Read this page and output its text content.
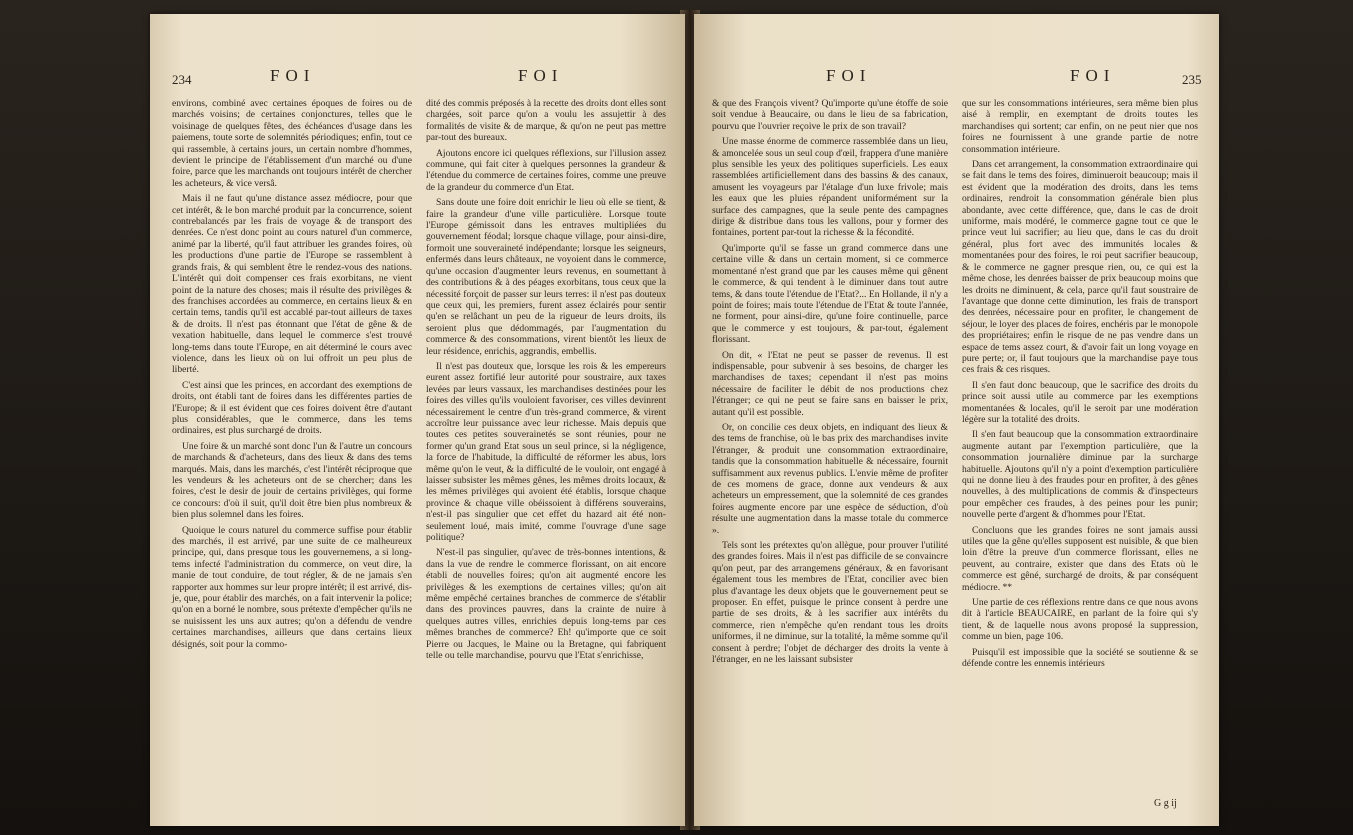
234	FOI	FOI

environs, combiné avec certaines époques de foires ou de marchés voisins; de certaines conjonctures, telles que le voisinage de quelques fêtes, des échéances d'usage dans les paiemens, toute sorte de solemnités périodiques; enfin, tout ce qui rassemble, à certains jours, un certain nombre d'hommes, devient le principe de l'établissement d'un marché ou d'une foire, parce que les marchands ont toujours intérêt de chercher les acheteurs, & vice versâ.

Mais il ne faut qu'une distance assez médiocre, pour que cet intérêt, & le bon marché produit par la concurrence, soient contrebalancés par les frais de voyage & de transport des denrées. Ce n'est donc point au cours naturel d'un commerce, animé par la liberté, qu'il faut attribuer les grandes foires, où les productions d'une partie de l'Europe se rassemblent à grands frais, & qui semblent être le rendez-vous des nations. L'intérêt qui doit compenser ces frais exorbitans, ne vient point de la nature des choses; mais il résulte des privilèges & des franchises accordées au commerce, en certains lieux & en certain tems, tandis qu'il est accablé par-tout ailleurs de taxes & de droits. Il n'est pas étonnant que l'état de gêne & de vexation habituelle, dans lequel le commerce s'est trouvé long-tems dans toute l'Europe, en ait déterminé le cours avec violence, dans les lieux où on lui offroit un peu plus de liberté.

C'est ainsi que les princes, en accordant des exemptions de droits, ont établi tant de foires dans les différentes parties de l'Europe; & il est évident que ces foires doivent être d'autant plus considérables, que le commerce, dans les tems ordinaires, est plus surchargé de droits.

Une foire & un marché sont donc l'un & l'autre un concours de marchands & d'acheteurs, dans des lieux & dans des tems marqués. Mais, dans les marchés, c'est l'intérêt réciproque que les vendeurs & les acheteurs ont de se chercher; dans les foires, c'est le desir de jouir de certains privilèges, qui forme ce concours: d'où il suit, qu'il doit être bien plus nombreux & bien plus solemnel dans les foires.

Quoique le cours naturel du commerce suffise pour établir des marchés, il est arrivé, par une suite de ce malheureux principe, qui, dans presque tous les gouvernemens, a si long-tems infecté l'administration du commerce, on veut dire, la manie de tout conduire, de tout régler, & de ne jamais s'en rapporter aux hommes sur leur propre intérêt; il est arrivé, dis-je, que, pour établir des marchés, on a fait intervenir la police; qu'on en a borné le nombre, sous prétexte d'empêcher qu'ils ne se nuisissent les uns aux autres; qu'on a défendu de vendre certaines marchandises, ailleurs que dans certains lieux désignés, soit pour la commo-

dité des commis préposés à la recette des droits dont elles sont chargées, soit parce qu'on a voulu les assujettir à des formalités de visite & de marque, & qu'on ne peut pas mettre par-tout des bureaux.

Ajoutons encore ici quelques réflexions, sur l'illusion assez commune, qui fait citer à quelques personnes la grandeur & l'étendue du commerce de certaines foires, comme une preuve de la grandeur du commerce d'un Etat.

Sans doute une foire doit enrichir le lieu où elle se tient, & faire la grandeur d'une ville particulière. Lorsque toute l'Europe gémissoit dans les entraves multipliées du gouvernement féodal; lorsque chaque village, pour ainsi-dire, formoit une souveraineté indépendante; lorsque les seigneurs, enfermés dans leurs châteaux, ne voyoient dans le commerce, qu'une occasion d'augmenter leurs revenus, en soumettant à des contributions & à des péages exorbitans, tous ceux que la nécessité forçoit de passer sur leurs terres: il n'est pas douteux que ceux qui, les premiers, furent assez éclairés pour sentir qu'en se relâchant un peu de la rigueur de leurs droits, ils seroient plus que dédommagés, par l'augmentation du commerce & des consommations, virent bientôt les lieux de leur résidence, enrichis, aggrandis, embellis.

Il n'est pas douteux que, lorsque les rois & les empereurs eurent assez fortifié leur autorité pour soustraire, aux taxes levées par leurs vassaux, les marchandises destinées pour les foires des villes qu'ils vouloient favoriser, ces villes devinrent nécessairement le centre d'un très-grand commerce, & virent accroître leur puissance avec leur richesse. Mais depuis que toutes ces petites souverainetés se sont réunies, pour ne former qu'un grand Etat sous un seul prince, si la négligence, la force de l'habitude, la difficulté de réformer les abus, lors même qu'on le veut, & la difficulté de le vouloir, ont engagé à laisser subsister les mêmes gênes, les mêmes droits locaux, & les mêmes privilèges qui avoient été établis, lorsque chaque province & chaque ville obéissoient à différens souverains, n'est-il pas singulier que cet effet du hazard ait été non-seulement loué, mais imité, comme l'ouvrage d'une sage politique?

N'est-il pas singulier, qu'avec de très-bonnes intentions, & dans la vue de rendre le commerce florissant, on ait encore établi de nouvelles foires; qu'on ait augmenté encore les privilèges & les exemptions de certaines villes; qu'on ait même empêché certaines branches de commerce de s'établir dans des provinces pauvres, dans la crainte de nuire à quelques autres villes, enrichies depuis long-tems par ces mêmes branches de commerce? Eh! qu'importe que ce soit Pierre ou Jacques, le Maine ou la Bretagne, qui fabriquent telle ou telle marchandise, pourvu que l'Etat s'enrichisse,

FOI	FOI	235

& que des François vivent? Qu'importe qu'une étoffe de soie soit vendue à Beaucaire, ou dans le lieu de sa fabrication, pourvu que l'ouvrier reçoive le prix de son travail?

Une masse énorme de commerce rassemblée dans un lieu, & amoncelée sous un seul coup d'œil, frappera d'une manière plus sensible les yeux des politiques superficiels. Les eaux rassemblées artificiellement dans des bassins & des canaux, amusent les voyageurs par l'étalage d'un luxe frivole; mais les eaux que les pluies répandent uniformément sur la surface des campagnes, que la seule pente des campagnes dirige & distribue dans tous les vallons, pour y former des fontaines, portent par-tout la richesse & la fécondité.

Qu'importe qu'il se fasse un grand commerce dans une certaine ville & dans un certain moment, si ce commerce momentané n'est grand que par les causes même qui gênent le commerce, & qui tendent à le diminuer dans tout autre tems, & dans toute l'étendue de l'Etat?... En Hollande, il n'y a point de foires; mais toute l'étendue de l'Etat & toute l'année, ne forment, pour ainsi-dire, qu'une foire continuelle, parce que le commerce y est toujours, & par-tout, également florissant.

On dit, « l'Etat ne peut se passer de revenus. Il est indispensable, pour subvenir à ses besoins, de charger les marchandises de taxes; cependant il n'est pas moins nécessaire de faciliter le débit de nos productions chez l'étranger; ce qui ne peut se faire sans en baisser le prix, autant qu'il est possible.

Or, on concilie ces deux objets, en indiquant des lieux & des tems de franchise, où le bas prix des marchandises invite l'étranger, & produit une consommation extraordinaire, tandis que la consommation habituelle & nécessaire, fournit suffisamment aux revenus publics. L'envie même de profiter de ces momens de grace, donne aux vendeurs & aux acheteurs un empressement, que la solemnité de ces grandes foires augmente encore par une espèce de séduction, d'où résulte une augmentation dans la masse totale du commerce ».

Tels sont les prétextes qu'on allègue, pour prouver l'utilité des grandes foires. Mais il n'est pas difficile de se convaincre qu'on peut, par des arrangemens généraux, & en favorisant également tous les membres de l'Etat, concilier avec bien plus d'avantage les deux objets que le gouvernement peut se proposer. En effet, puisque le prince consent à perdre une partie de ses droits, & à les sacrifier aux intérêts du commerce, rien n'empêche qu'en rendant tous les droits uniformes, il ne diminue, sur la totalité, la même somme qu'il consent à perdre; l'objet de décharger des droits la vente à l'étranger, en ne les laissant subsister

que sur les consommations intérieures, sera même bien plus aisé à remplir, en exemptant de droits toutes les marchandises qui sortent; car enfin, on ne peut nier que nos foires ne fournissent à une grande partie de notre consommation intérieure.

Dans cet arrangement, la consommation extraordinaire qui se fait dans le tems des foires, diminueroit beaucoup; mais il est évident que la modération des droits, dans les tems ordinaires, rendroit la consommation générale bien plus abondante, avec cette différence, que, dans le cas de droit uniforme, mais modéré, le commerce gagne tout ce que le prince veut lui sacrifier; au lieu que, dans le cas du droit général, plus fort avec des immunités locales & momentanées pour des foires, le roi peut sacrifier beaucoup, & le commerce ne gagner presque rien, ou, ce qui est la même chose, les denrées baisser de prix beaucoup moins que les droits ne diminuent, & cela, parce qu'il faut soustraire de l'avantage que donne cette diminution, les frais de transport des denrées, nécessaire pour en profiter, le changement de séjour, le loyer des places de foires, enchéris par le monopole des propriétaires; enfin le risque de ne pas vendre dans un espace de tems assez court, & d'avoir fait un long voyage en pure perte; or, il faut toujours que la marchandise paye tous ces frais & ces risques.

Il s'en faut donc beaucoup, que le sacrifice des droits du prince soit aussi utile au commerce par les exemptions momentanées & locales, qu'il le seroit par une modération légère sur la totalité des droits.

Il s'en faut beaucoup que la consommation extraordinaire augmente autant par l'exemption particulière, que la consommation journalière diminue par la surcharge habituelle. Ajoutons qu'il n'y a point d'exemption particulière qui ne donne lieu à des fraudes pour en profiter, à des gênes nouvelles, à des multiplications de commis & d'inspecteurs pour empêcher ces fraudes, à des peines pour les punir; nouvelle perte d'argent & d'hommes pour l'Etat.

Concluons que les grandes foires ne sont jamais aussi utiles que la gêne qu'elles supposent est nuisible, & que bien loin d'être la preuve d'un commerce florissant, elles ne peuvent, au contraire, exister que dans des Etats où le commerce est gêné, surchargé de droits, & par conséquent médiocre. **

Une partie de ces réflexions rentre dans ce que nous avons dit à l'article BEAUCAIRE, en parlant de la foire qui s'y tient, & de laquelle nous avons proposé la suppression, comme un bien, page 106.

Puisqu'il est impossible que la société se soutienne & se défende contre les ennemis intérieurs

G g ij
